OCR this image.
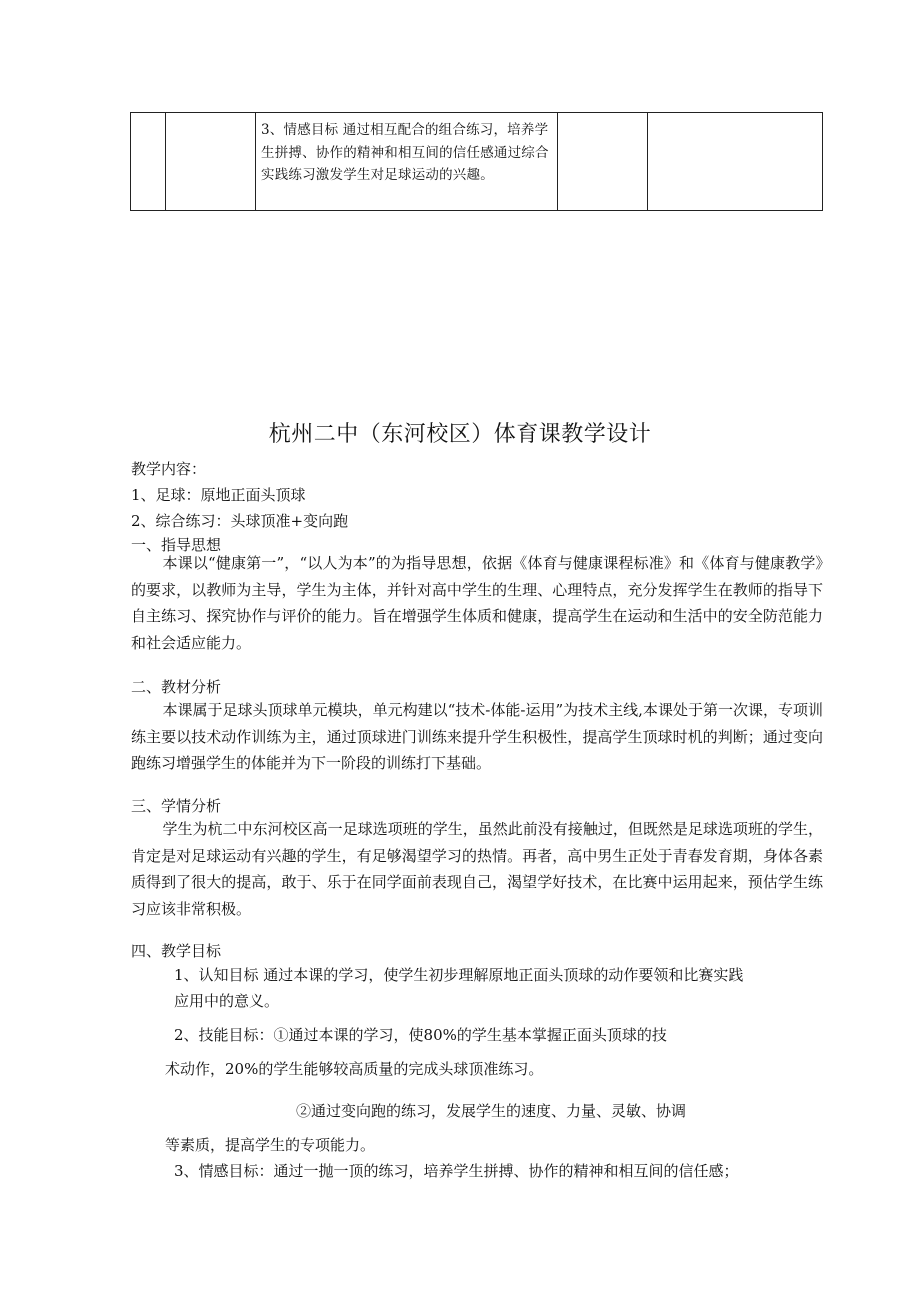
		3、情感目标 通过相互配合的组合练习，培养学生拼搏、协作的精神和相互间的信任感通过综合实践练习激发学生对足球运动的兴趣。		
杭州二中（东河校区）体育课教学设计
教学内容：
1、足球：原地正面头顶球
2、综合练习：头球顶准+变向跑
一、指导思想

本课以“健康第一”，“以人为本”的为指导思想，依据《体育与健康课程标准》和《体育与健康教学》的要求，以教师为主导，学生为主体，并针对高中学生的生理、心理特点，充分发挥学生在教师的指导下自主练习、探究协作与评价的能力。旨在增强学生体质和健康，提高学生在运动和生活中的安全防范能力和社会适应能力。

二、教材分析

本课属于足球头顶球单元模块，单元构建以“技术-体能-运用”为技术主线,本课处于第一次课，专项训练主要以技术动作训练为主，通过顶球进门训练来提升学生积极性，提高学生顶球时机的判断；通过变向跑练习增强学生的体能并为下一阶段的训练打下基础。

三、学情分析

学生为杭二中东河校区高一足球选项班的学生，虽然此前没有接触过，但既然是足球选项班的学生，肯定是对足球运动有兴趣的学生，有足够渴望学习的热情。再者，高中男生正处于青春发育期，身体各素质得到了很大的提高，敢于、乐于在同学面前表现自己，渴望学好技术，在比赛中运用起来，预估学生练习应该非常积极。

四、教学目标
1、认知目标 通过本课的学习，使学生初步理解原地正面头顶球的动作要领和比赛实践
应用中的意义。
2、技能目标：①通过本课的学习，使80%的学生基本掌握正面头顶球的技
术动作，20%的学生能够较高质量的完成头球顶准练习。
②通过变向跑的练习，发展学生的速度、力量、灵敏、协调
等素质，提高学生的专项能力。
3、情感目标：通过一抛一顶的练习，培养学生拼搏、协作的精神和相互间的信任感；
